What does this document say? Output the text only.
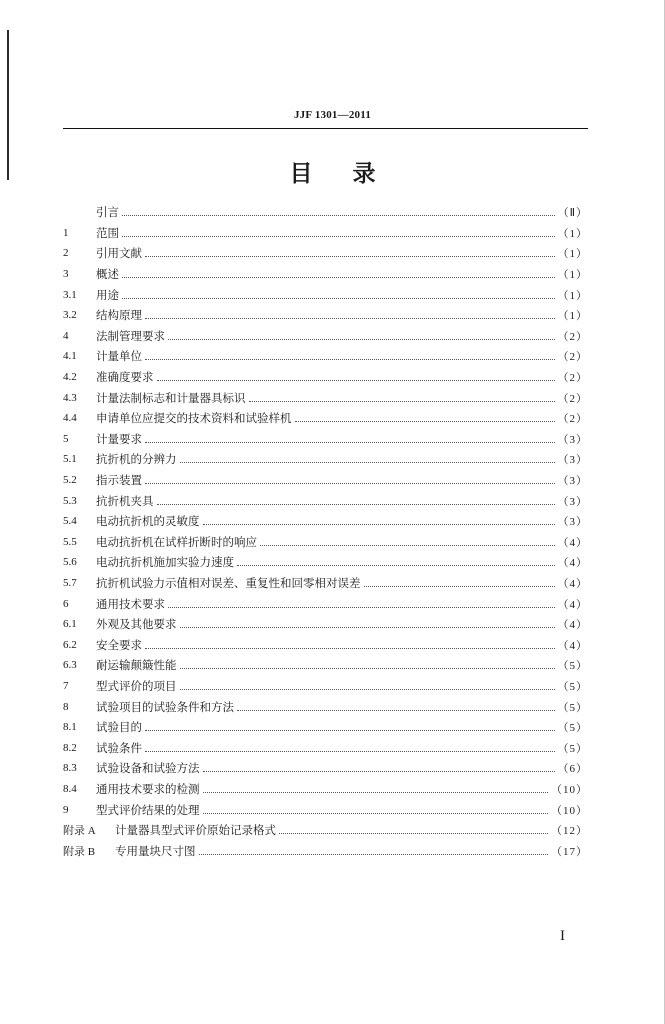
JJF 1301—2011
目录
引言	（Ⅱ）
1	范围	（1）
2	引用文献	（1）
3	概述	（1）
3.1	用途	（1）
3.2	结构原理	（1）
4	法制管理要求	（2）
4.1	计量单位	（2）
4.2	准确度要求	（2）
4.3	计量法制标志和计量器具标识	（2）
4.4	申请单位应提交的技术资料和试验样机	（2）
5	计量要求	（3）
5.1	抗折机的分辨力	（3）
5.2	指示装置	（3）
5.3	抗折机夹具	（3）
5.4	电动抗折机的灵敏度	（3）
5.5	电动抗折机在试样折断时的响应	（4）
5.6	电动抗折机施加实验力速度	（4）
5.7	抗折机试验力示值相对误差、重复性和回零相对误差	（4）
6	通用技术要求	（4）
6.1	外观及其他要求	（4）
6.2	安全要求	（4）
6.3	耐运输颠簸性能	（5）
7	型式评价的项目	（5）
8	试验项目的试验条件和方法	（5）
8.1	试验目的	（5）
8.2	试验条件	（5）
8.3	试验设备和试验方法	（6）
8.4	通用技术要求的检测	（10）
9	型式评价结果的处理	（10）
附录 A	计量器具型式评价原始记录格式	（12）
附录 B	专用量块尺寸图	（17）
I
